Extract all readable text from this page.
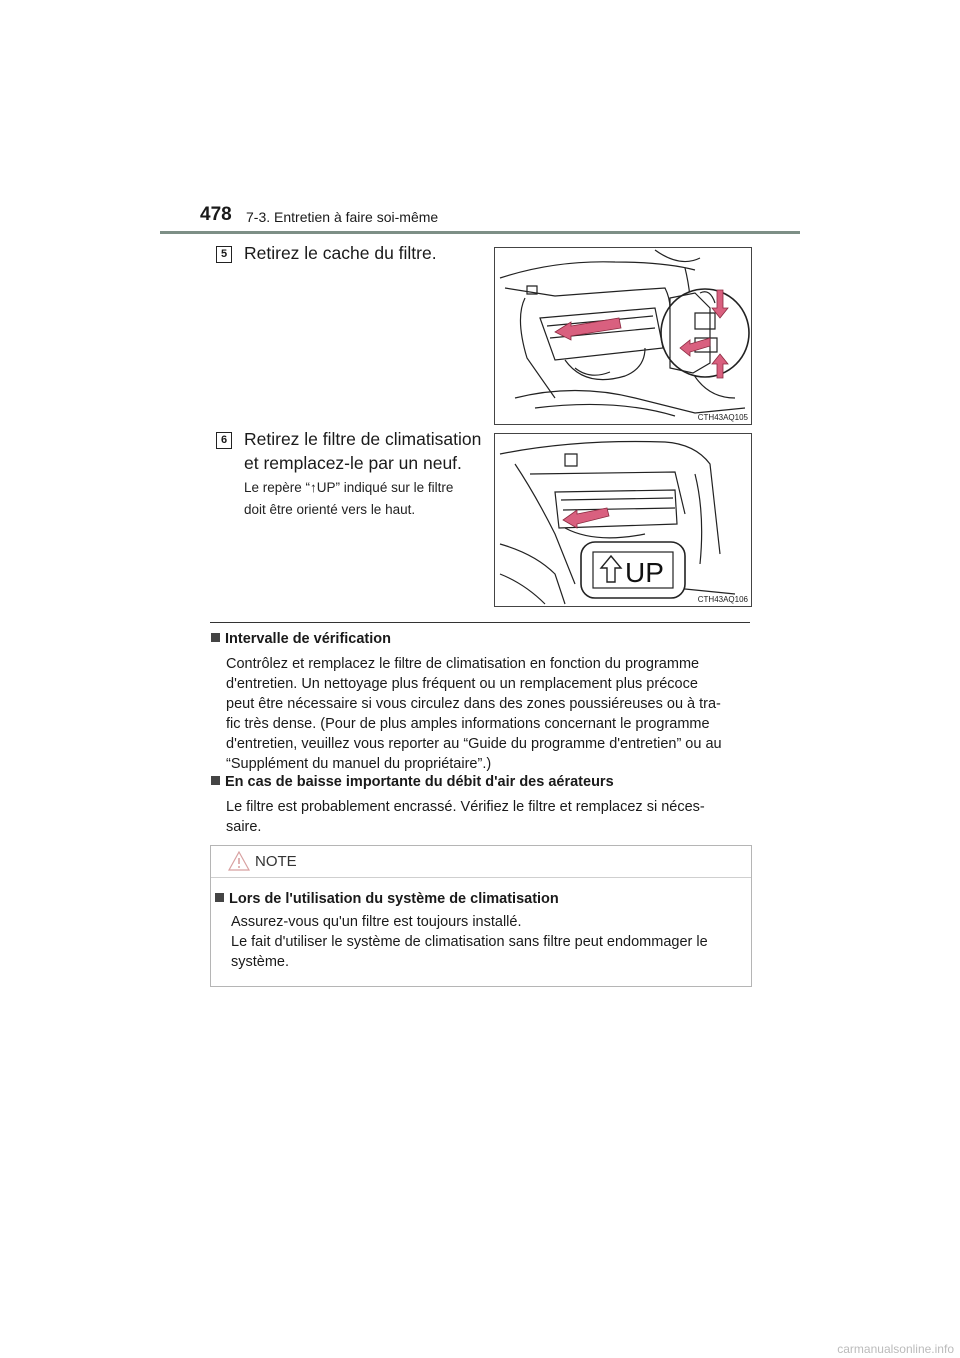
478 7-3. Entretien à faire soi-même
5 Retirez le cache du filtre.
CTH43AQ105
6 Retirez le filtre de climatisation
et remplacez-le par un neuf.
Le repère “↑UP” indiqué sur le filtre
doit être orienté vers le haut.
UP
CTH43AQ106
Intervalle de vérification
Contrôlez et remplacez le filtre de climatisation en fonction du programme
d'entretien. Un nettoyage plus fréquent ou un remplacement plus précoce
peut être nécessaire si vous circulez dans des zones poussiéreuses ou à tra-
fic très dense. (Pour de plus amples informations concernant le programme
d'entretien, veuillez vous reporter au “Guide du programme d'entretien” ou au
“Supplément du manuel du propriétaire”.)
En cas de baisse importante du débit d'air des aérateurs
Le filtre est probablement encrassé. Vérifiez le filtre et remplacez si néces-
saire.
NOTE
Lors de l'utilisation du système de climatisation
Assurez-vous qu'un filtre est toujours installé.
Le fait d'utiliser le système de climatisation sans filtre peut endommager le
système.
carmanualsonline.info
